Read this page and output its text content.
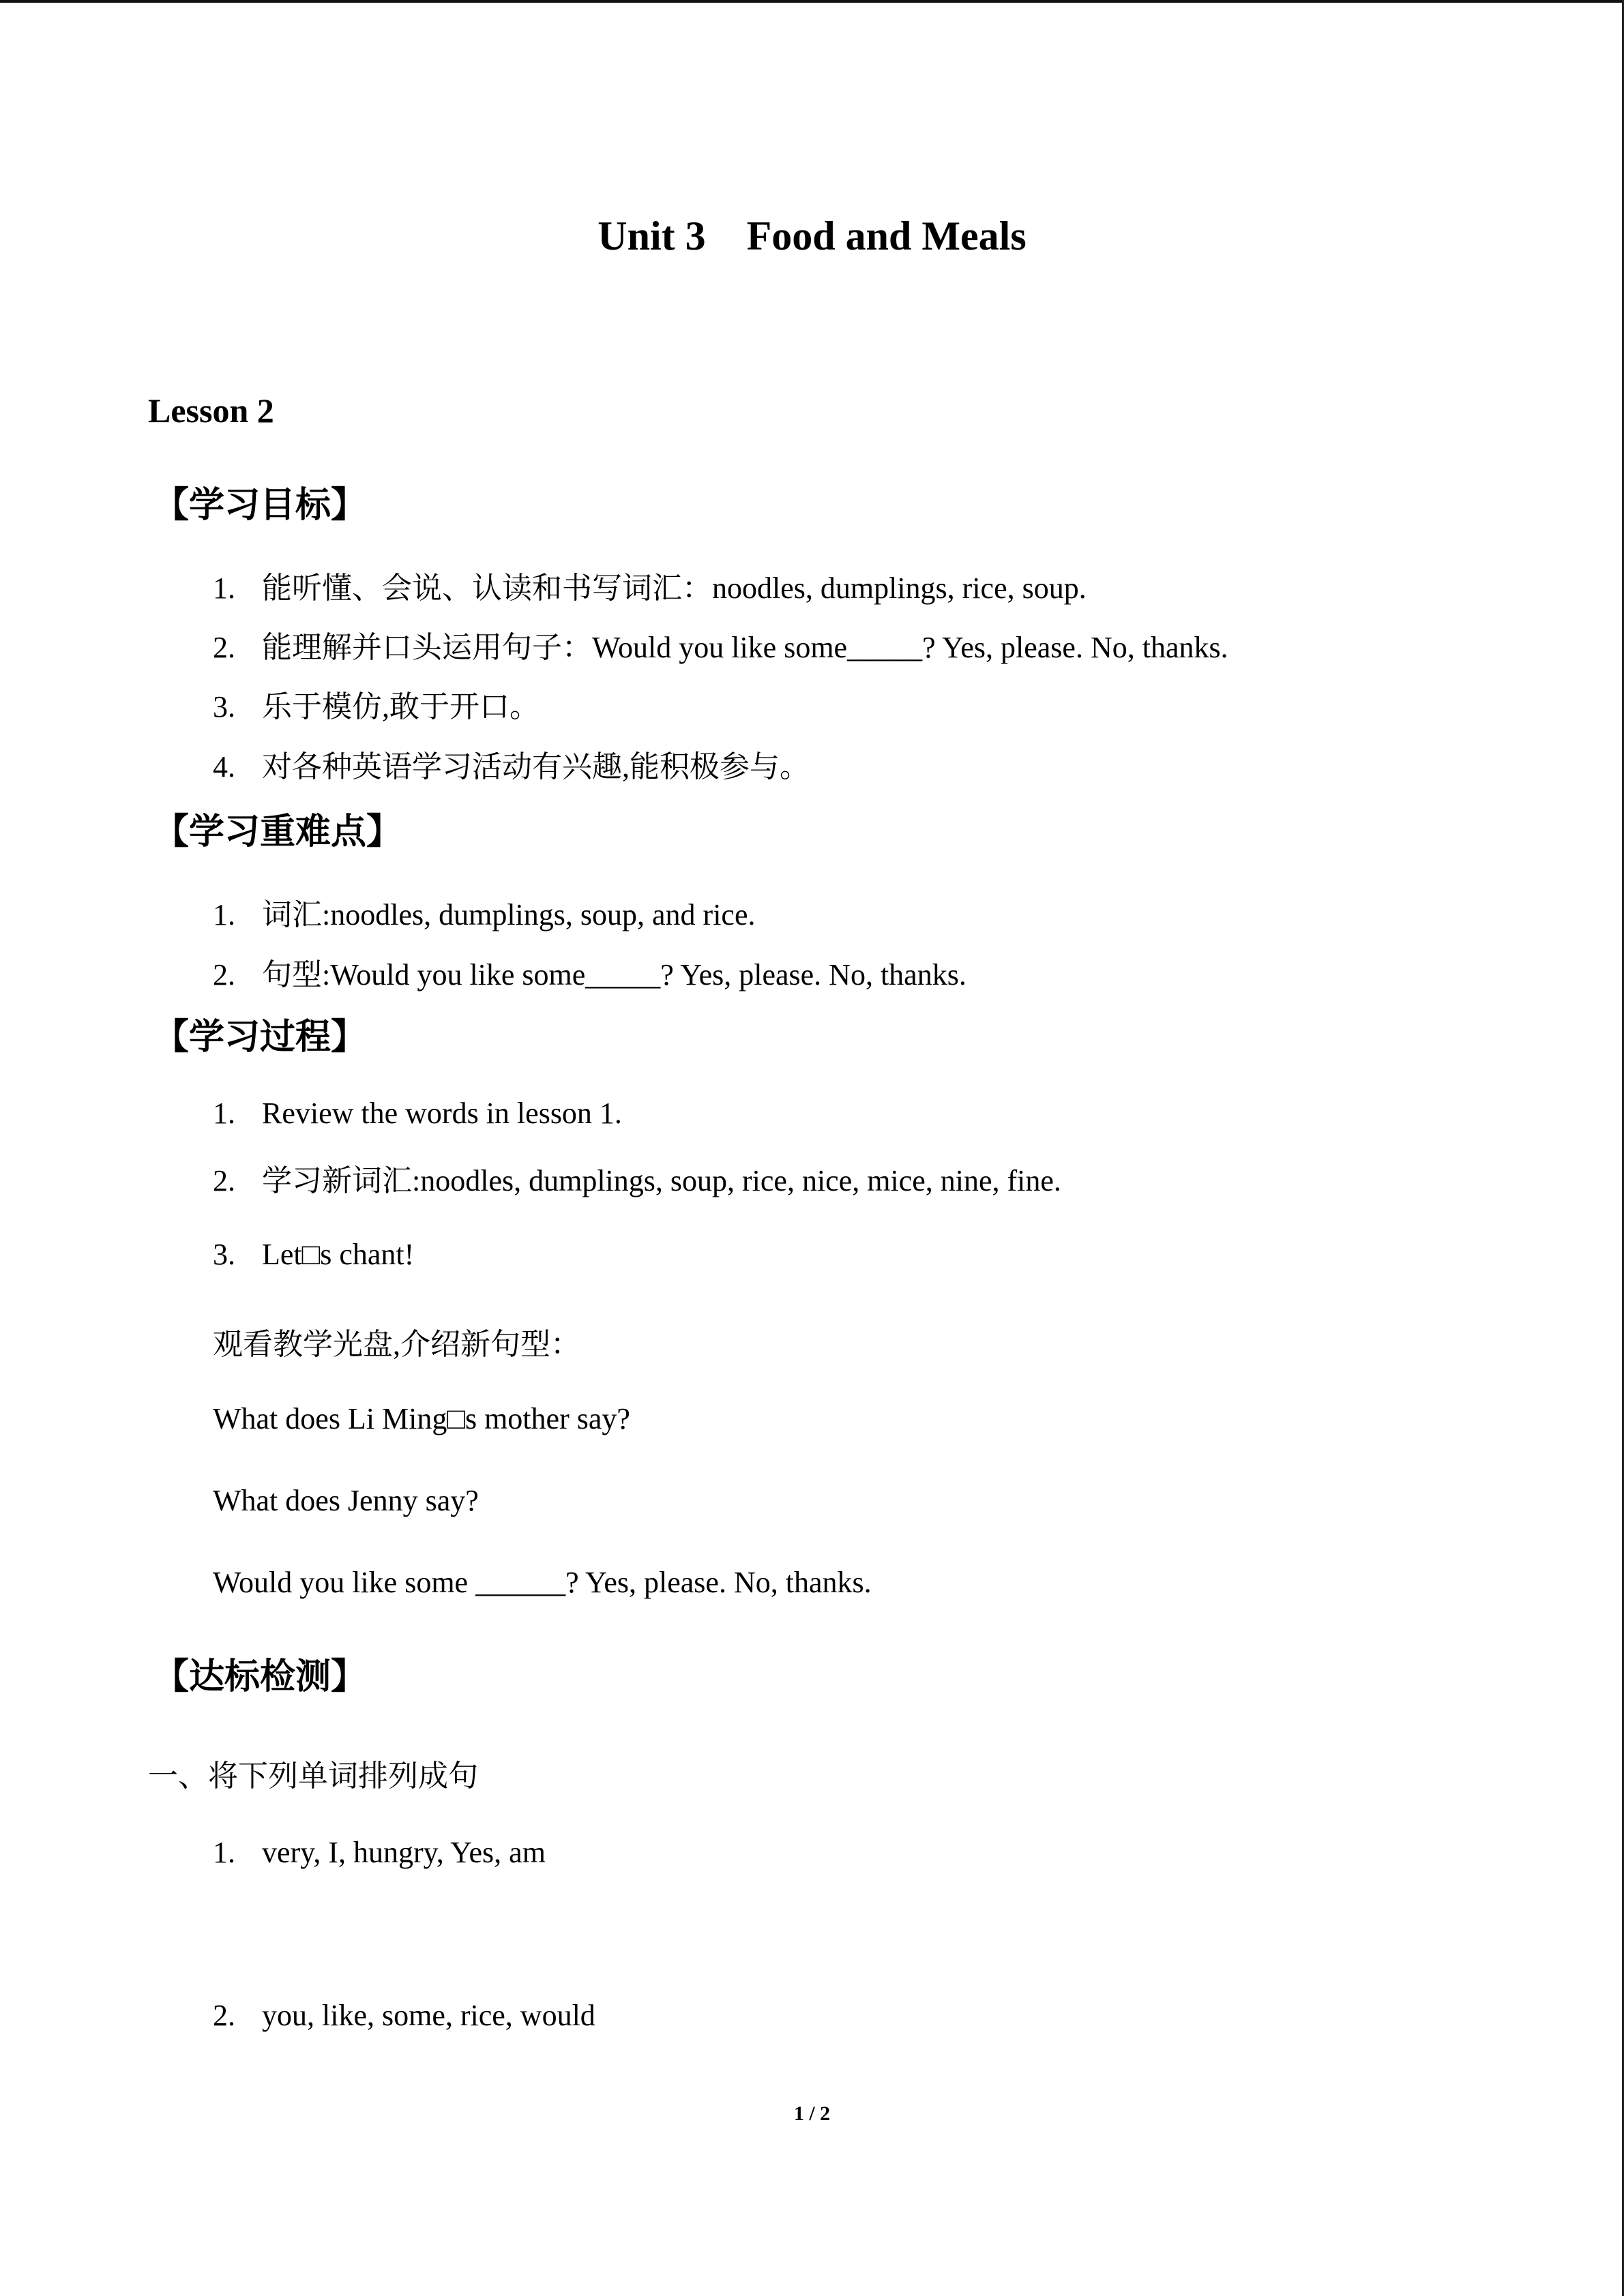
Unit 3 Food and Meals
Lesson 2
【学习目标】
1. 能听懂、会说、认读和书写词汇：noodles, dumplings, rice, soup.
2. 能理解并口头运用句子：Would you like some_____? Yes, please. No, thanks.
3. 乐于模仿,敢于开口。
4. 对各种英语学习活动有兴趣,能积极参与。
【学习重难点】
1. 词汇:noodles, dumplings, soup, and rice.
2. 句型:Would you like some_____? Yes, please. No, thanks.
【学习过程】
1. Review the words in lesson 1.
2. 学习新词汇:noodles, dumplings, soup, rice, nice, mice, nine, fine.
3. Let□s chant!
观看教学光盘,介绍新句型：
What does Li Ming□s mother say?
What does Jenny say?
Would you like some ______? Yes, please. No, thanks.
【达标检测】
一、将下列单词排列成句
1. very, I, hungry, Yes, am
2. you, like, some, rice, would
1 / 2
